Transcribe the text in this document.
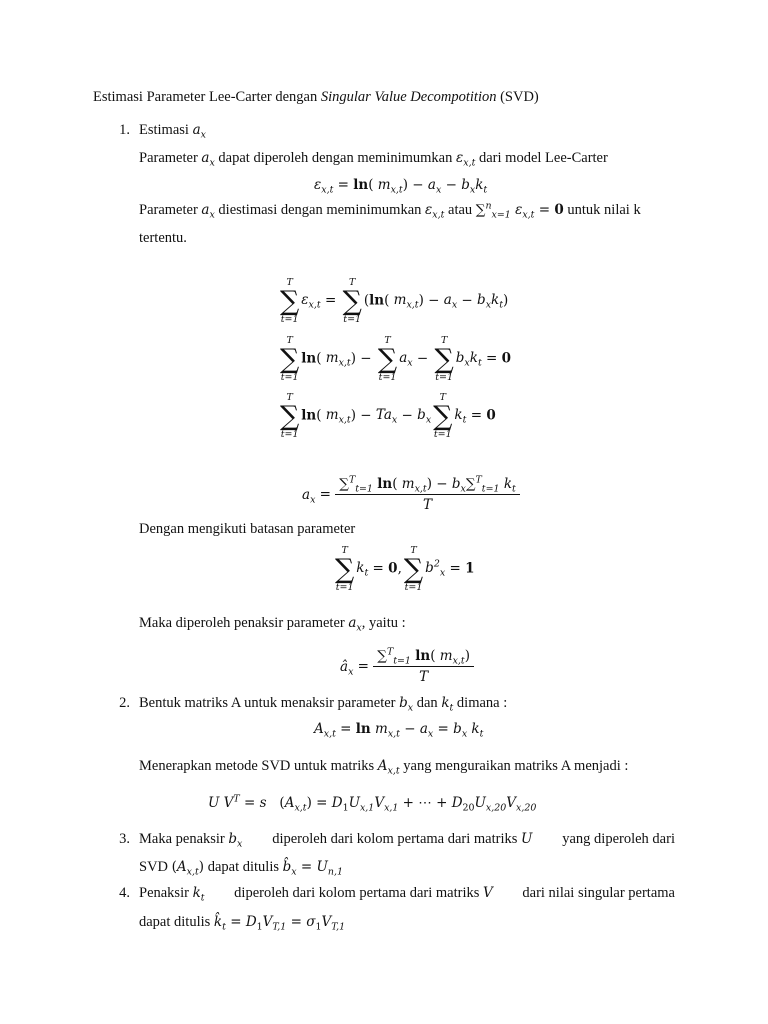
Estimasi Parameter Lee-Carter dengan Singular Value Decompotition (SVD)
1. Estimasi $a_x$
Parameter $a_x$ dapat diperoleh dengan meminimumkan $\varepsilon_{x,t}$ dari model Lee-Carter
$\varepsilon_{x,t} = \ln$( $m_{x,t}) - a_x - b_xk_t$
Parameter $a_x$ diestimasi dengan meminimumkan $\varepsilon_{x,t}$ atau ∑$^n_{x=1}$ $\varepsilon_{x,t} = 0$ untuk nilai k
tertentu.
T
∑
t=1
$\varepsilon_{x,t}$ =
T
∑
t=1
(ln( $m_{x,t}) - a_x - b_xk_t$)
T
∑
t=1
ln( $m_{x,t}$) −
T
∑
t=1
$a_x$ −
T
∑
t=1
$b_xk_t = 0$
T
∑
t=1
ln( $m_{x,t}) - Ta_x - b_x$
T
∑
t=1
$k_t = 0$
$a_x = \frac{\sum^T_{t=1} \ln( m_{x,t}) - b_x\sum^T_{t=1} k_t}{T}$
Dengan mengikuti batasan parameter
T
∑
t=1
$k_t = 0$,
T
∑
t=1
$b^2_x = 1$
Maka diperoleh penaksir parameter $a_x$, yaitu :
$â_x = \frac{\sum^T_{t=1} \ln( m_{x,t})}{T}$
2. Bentuk matriks A untuk menaksir parameter $b_x$ dan $k_t$ dimana :
$A_{x,t} = \ln m_{x,t} - a_x = b_x$ $k_t$
Menerapkan metode SVD untuk matriks $A_{x,t}$ yang menguraikan matriks A menjadi :
U $V^T = s$   $(A_{x,t}) = D_1U_{x,1}V_{x,1}$ + ⋯ + $D_{20}U_{x,20}V_{x,20}$
3. Maka penaksir $b_x$ diperoleh dari kolom pertama dari matriks U yang diperoleh dari
SVD $(A_{x,t})$ dapat ditulis $b̂_x = U_{n,1}$
4. Penaksir $k_t$ diperoleh dari kolom pertama dari matriks V dari nilai singular pertama
dapat ditulis $k̂_t = D_1V_{T,1} = \sigma_1V_{T,1}$
